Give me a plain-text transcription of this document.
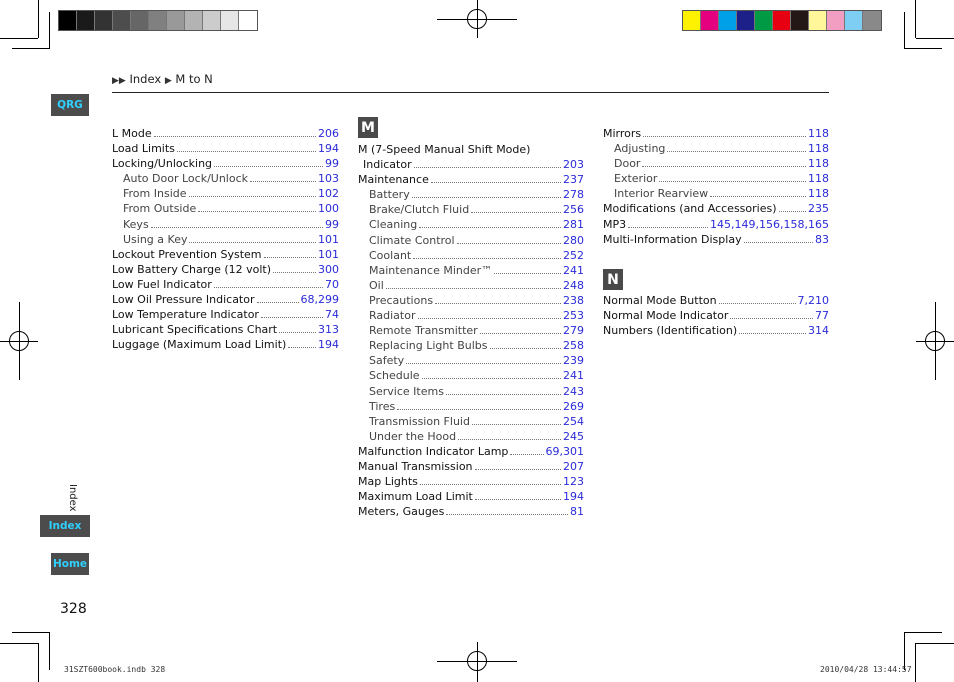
▶▶ Index ▶ M to N
QRG
Index
Index
Home
M
N
L Mode	206
Load Limits	194
Locking/Unlocking	99
Auto Door Lock/Unlock	103
From Inside	102
From Outside	100
Keys	99
Using a Key	101
Lockout Prevention System	101
Low Battery Charge (12 volt)	300
Low Fuel Indicator	70
Low Oil Pressure Indicator	68,299
Low Temperature Indicator	74
Lubricant Specifications Chart	313
Luggage (Maximum Load Limit)	194
M (7-Speed Manual Shift Mode)
Indicator	203
Maintenance	237
Battery	278
Brake/Clutch Fluid	256
Cleaning	281
Climate Control	280
Coolant	252
Maintenance Minder™	241
Oil	248
Precautions	238
Radiator	253
Remote Transmitter	279
Replacing Light Bulbs	258
Safety	239
Schedule	241
Service Items	243
Tires	269
Transmission Fluid	254
Under the Hood	245
Malfunction Indicator Lamp	69,301
Manual Transmission	207
Map Lights	123
Maximum Load Limit	194
Meters, Gauges	81
Mirrors	118
Adjusting	118
Door	118
Exterior	118
Interior Rearview	118
Modifications (and Accessories)	235
MP3	145,149,156,158,165
Multi-Information Display	83
Normal Mode Button	7,210
Normal Mode Indicator	77
Numbers (Identification)	314
328
31SZT600book.indb 328	2010/04/28 13:44:57
